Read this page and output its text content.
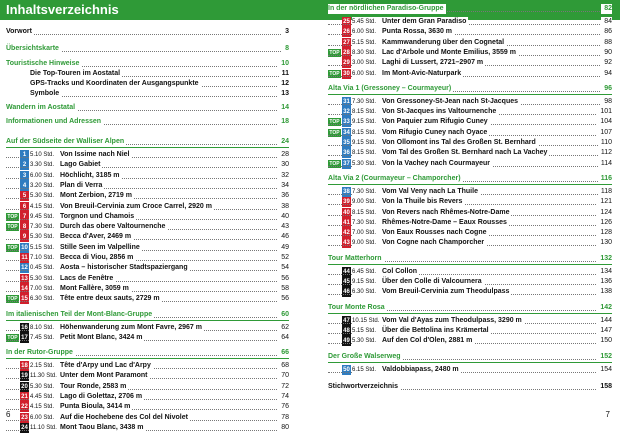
Inhaltsverzeichnis
Vorwort	3
Übersichtskarte	8
Touristische Hinweise	10
Die Top-Touren im Aostatal	11
GPS-Tracks und Koordinaten der Ausgangspunkte	12
Symbole	13
Wandern im Aostatal	14
Informationen und Adressen	18
Auf der Südseite der Walliser Alpen	24
1 5.10 Std. Von Issime nach Niel	28
2 3.30 Std. Lago Gabiet	30
3 6.00 Std. Höchlicht, 3185 m	32
4 3.20 Std. Plan di Verra	34
5 5.30 Std. Mont Zerbion, 2719 m	36
6 4.15 Std. Von Breuil-Cervinia zum Croce Carrel, 2920 m	38
TOP 7 9.45 Std. Torgnon und Chamois	40
TOP 8 7.30 Std. Durch das obere Valtournenche	43
9 5.30 Std. Becca d'Aver, 2469 m	46
TOP 10 5.15 Std. Stille Seen im Valpelline	49
11 7.10 Std. Becca di Viou, 2856 m	52
12 0.45 Std. Aosta – historischer Stadtspaziergang	54
13 5.30 Std. Lacs de Fenêtre	56
14 7.00 Std. Mont Fallère, 3059 m	58
TOP 15 6.30 Std. Tête entre deux sauts, 2729 m	56
Im italienischen Teil der Mont-Blanc-Gruppe	60
16 8.10 Std. Höhenwanderung zum Mont Favre, 2967 m	62
TOP 17 7.45 Std. Petit Mont Blanc, 3424 m	64
In der Rutor-Gruppe	66
18 2.15 Std. Tête d'Arpy und Lac d'Arpy	68
19 11.30 Std. Unter dem Mont Paramont	70
20 5.30 Std. Tour Ronde, 2583 m	72
21 4.45 Std. Lago di Golettaz, 2706 m	74
22 4.15 Std. Punta Bioula, 3414 m	76
23 6.00 Std. Auf die Hochebene des Col del Nivolet	78
24 11.10 Std. Mont Taou Blanc, 3438 m	80
In der nördlichen Paradiso-Gruppe	82
25 5.45 Std. Unter dem Gran Paradiso	84
26 6.00 Std. Punta Rossa, 3630 m	86
27 5.15 Std. Kammwanderung über den Cognetal	88
TOP 28 8.30 Std. Lac d'Arbole und Monte Emilius, 3559 m	90
29 3.00 Std. Laghi di Lussert, 2721–2907 m	92
TOP 30 6.00 Std. Im Mont-Avic-Naturpark	94
Alta Via 1 (Gressoney – Courmayeur)	96
31 7.30 Std. Von Gressoney-St-Jean nach St-Jacques	98
32 8.15 Std. Von St-Jacques ins Valtournenche	101
TOP 33 9.15 Std. Von Paquier zum Rifugio Cuney	104
TOP 34 8.15 Std. Vom Rifugio Cuney nach Oyace	107
35 9.15 Std. Von Ollomont ins Tal des Großen St. Bernhard	110
36 8.15 Std. Vom Tal des Großen St. Bernhard nach La Vachey	112
TOP 37 5.30 Std. Von la Vachey nach Courmayeur	114
Alta Via 2 (Courmayeur – Champorcher)	116
38 7.30 Std. Vom Val Veny nach La Thuile	118
39 9.00 Std. Von la Thuile bis Revers	121
40 8.15 Std. Von Revers nach Rhêmes-Notre-Dame	124
41 7.30 Std. Rhêmes-Notre-Dame – Eaux Rousses	126
42 7.00 Std. Von Eaux Rousses nach Cogne	128
43 9.00 Std. Von Cogne nach Champorcher	130
Tour Matterhorn	132
44 6.45 Std. Col Collon	134
45 9.15 Std. Über den Colle di Valcournera	136
46 6.30 Std. Vom Breuil-Cervinia zum Theodulpass	138
Tour Monte Rosa	142
47 10.15 Std. Vom Val d'Ayas zum Theodulpass, 3290 m	144
48 5.15 Std. Über die Bettolina ins Krämertal	147
49 5.30 Std. Auf den Col d'Olen, 2881 m	150
Der Große Walserweg	152
50 6.15 Std. Valdobbiapass, 2480 m	154
Stichwortverzeichnis	158
6	7
